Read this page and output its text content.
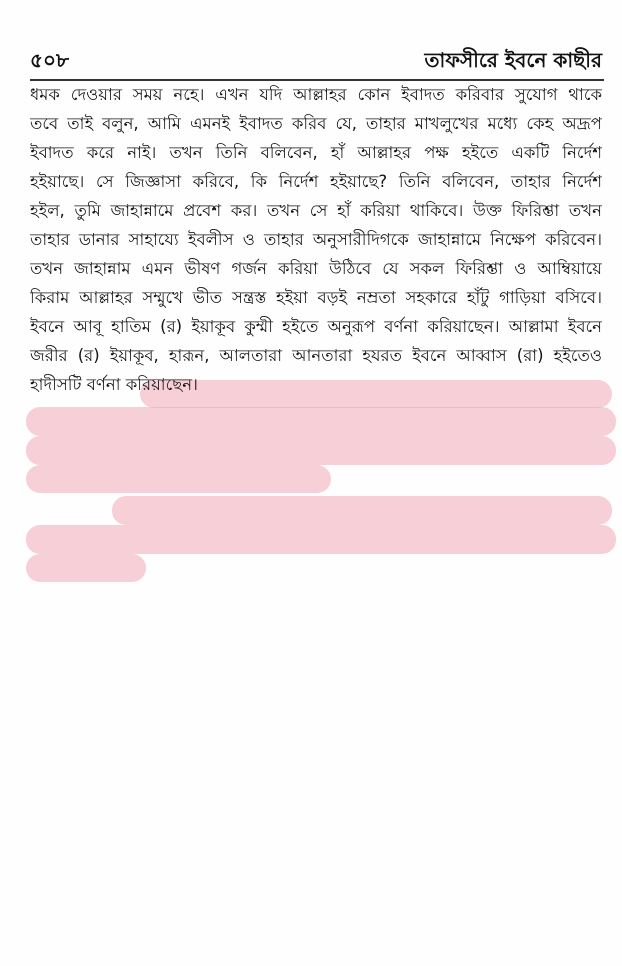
৫০৮	তাফসীরে ইবনে কাছীর
ধমক দেওয়ার সময় নহে। এখন যদি আল্লাহর কোন ইবাদত করিবার সুযোগ থাকে
তবে তাই বলুন, আমি এমনই ইবাদত করিব যে, তাহার মাখলুখের মধ্যে কেহ অদ্রূপ
ইবাদত করে নাই। তখন তিনি বলিবেন, হাঁ আল্লাহর পক্ষ হইতে একটি নির্দেশ
হইয়াছে। সে জিজ্ঞাসা করিবে, কি নির্দেশ হইয়াছে? তিনি বলিবেন, তাহার নির্দেশ
হইল, তুমি জাহান্নামে প্রবেশ কর। তখন সে হাঁ করিয়া থাকিবে। উক্ত ফিরিশ্তা তখন
তাহার ডানার সাহায্যে ইবলীস ও তাহার অনুসারীদিগকে জাহান্নামে নিক্ষেপ করিবেন।
তখন জাহান্নাম এমন ভীষণ গর্জন করিয়া উঠিবে যে সকল ফিরিশ্তা ও আম্বিয়ায়ে
কিরাম আল্লাহর সম্মুখে ভীত সন্ত্রস্ত হইয়া বড়ই নম্রতা সহকারে হাঁটু গাড়িয়া বসিবে।
ইবনে আবূ হাতিম (র) ইয়াকূব কুম্মী হইতে অনুরূপ বর্ণনা করিয়াছেন। আল্লামা ইবনে
জরীর (র) ইয়াকূব, হারূন, আলতারা আনতারা হযরত ইবনে আব্বাস (রা) হইতেও
হাদীসটি বর্ণনা করিয়াছেন।
